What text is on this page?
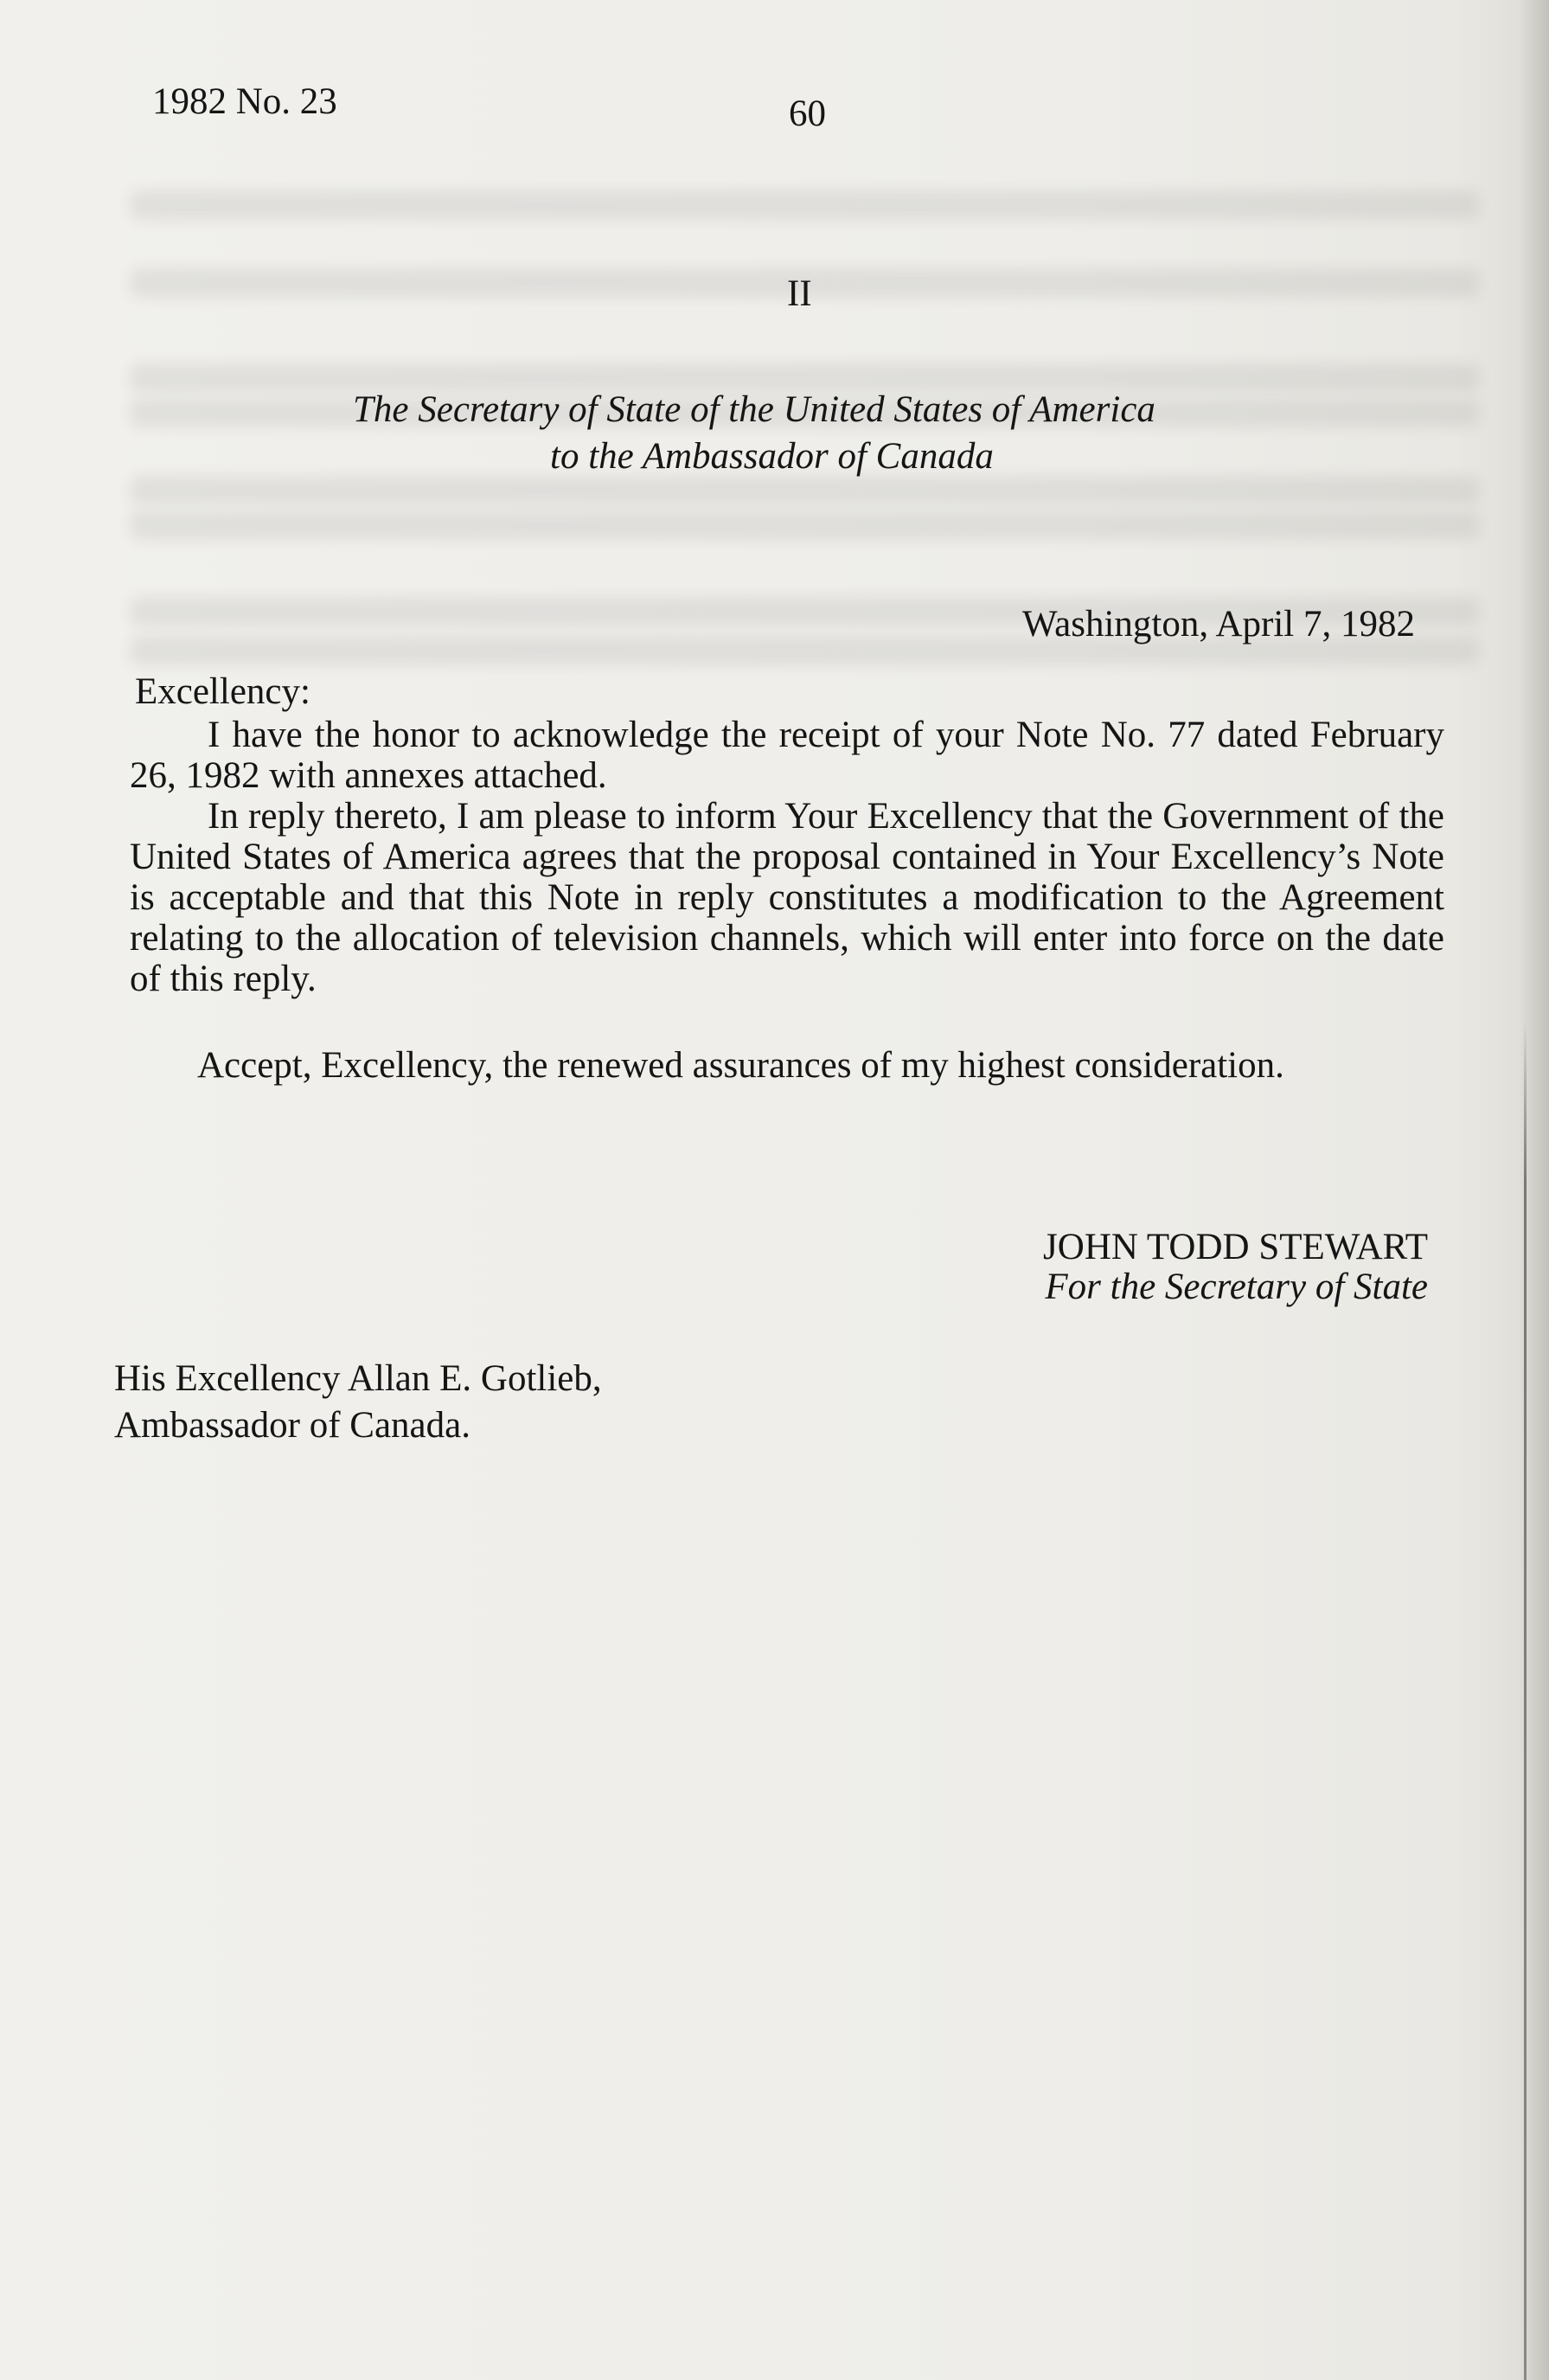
1982 No. 23	60
II
The Secretary of State of the United States of America
to the Ambassador of Canada
Washington, April 7, 1982
Excellency:
I have the honor to acknowledge the receipt of your Note No. 77 dated February 26, 1982 with annexes attached.
In reply thereto, I am please to inform Your Excellency that the Government of the United States of America agrees that the proposal contained in Your Excellency’s Note is acceptable and that this Note in reply constitutes a modification to the Agreement relating to the allocation of television channels, which will enter into force on the date of this reply.
Accept, Excellency, the renewed assurances of my highest consideration.
JOHN TODD STEWART
For the Secretary of State
His Excellency Allan E. Gotlieb,
Ambassador of Canada.
